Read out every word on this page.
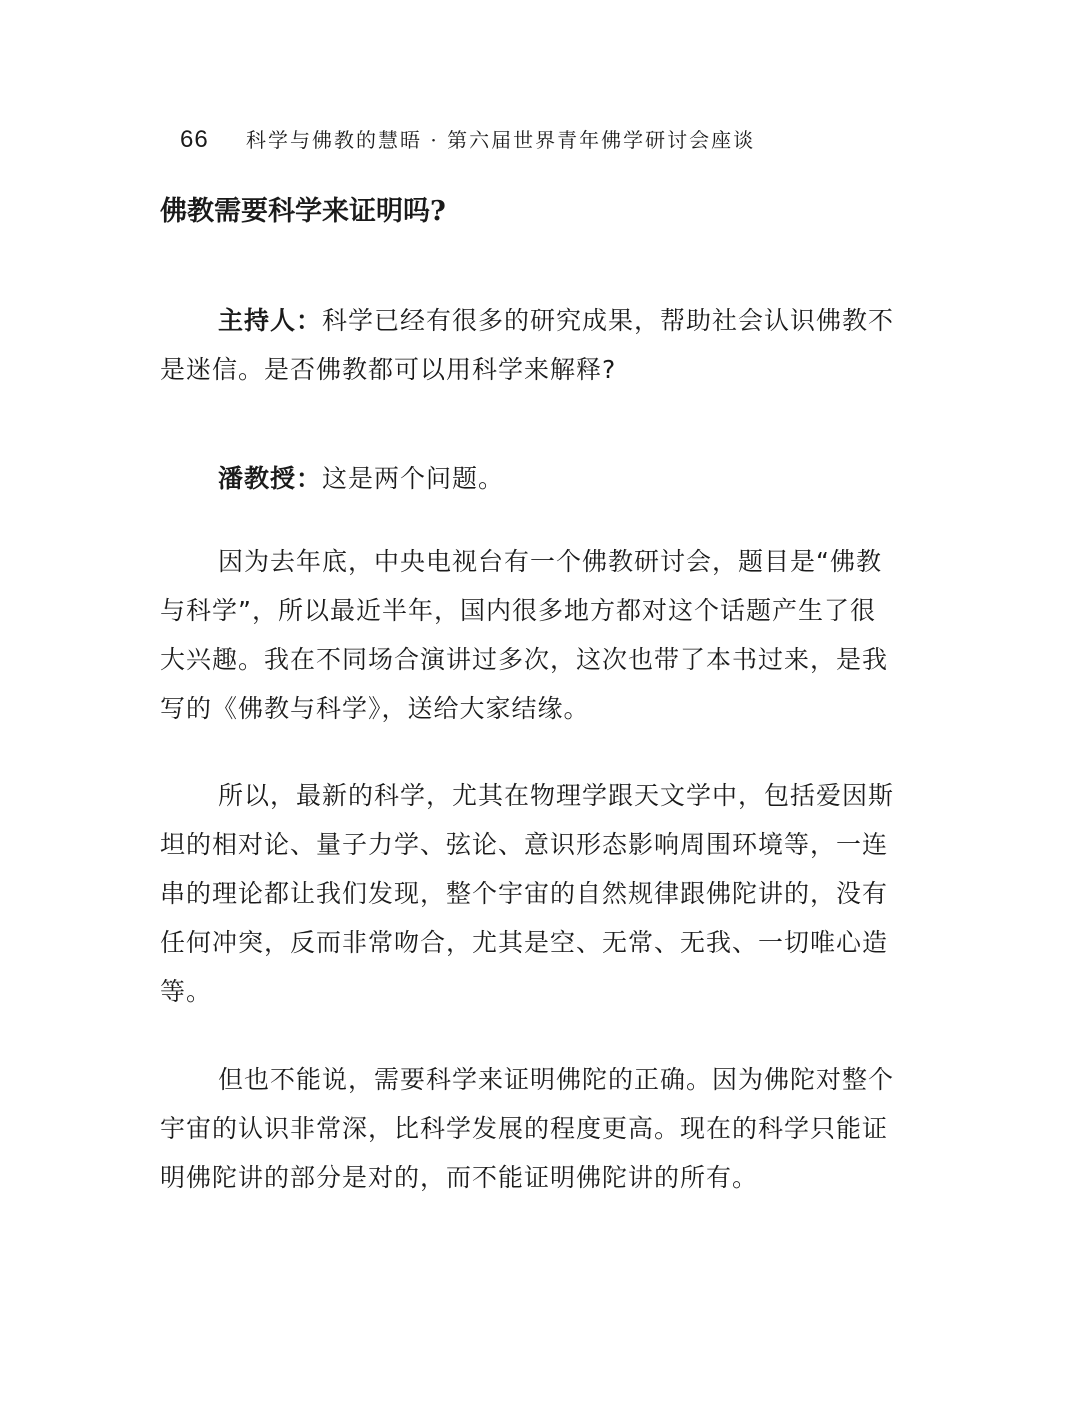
66 科学与佛教的慧晤 · 第六届世界青年佛学研讨会座谈
佛教需要科学来证明吗?

主持人：科学已经有很多的研究成果，帮助社会认识佛教不是迷信。是否佛教都可以用科学来解释?

潘教授：这是两个问题。

因为去年底，中央电视台有一个佛教研讨会，题目是“佛教与科学”，所以最近半年，国内很多地方都对这个话题产生了很大兴趣。我在不同场合演讲过多次，这次也带了本书过来，是我写的《佛教与科学》，送给大家结缘。

所以，最新的科学，尤其在物理学跟天文学中，包括爱因斯坦的相对论、量子力学、弦论、意识形态影响周围环境等，一连串的理论都让我们发现，整个宇宙的自然规律跟佛陀讲的，没有任何冲突，反而非常吻合，尤其是空、无常、无我、一切唯心造等。

但也不能说，需要科学来证明佛陀的正确。因为佛陀对整个宇宙的认识非常深，比科学发展的程度更高。现在的科学只能证明佛陀讲的部分是对的，而不能证明佛陀讲的所有。
